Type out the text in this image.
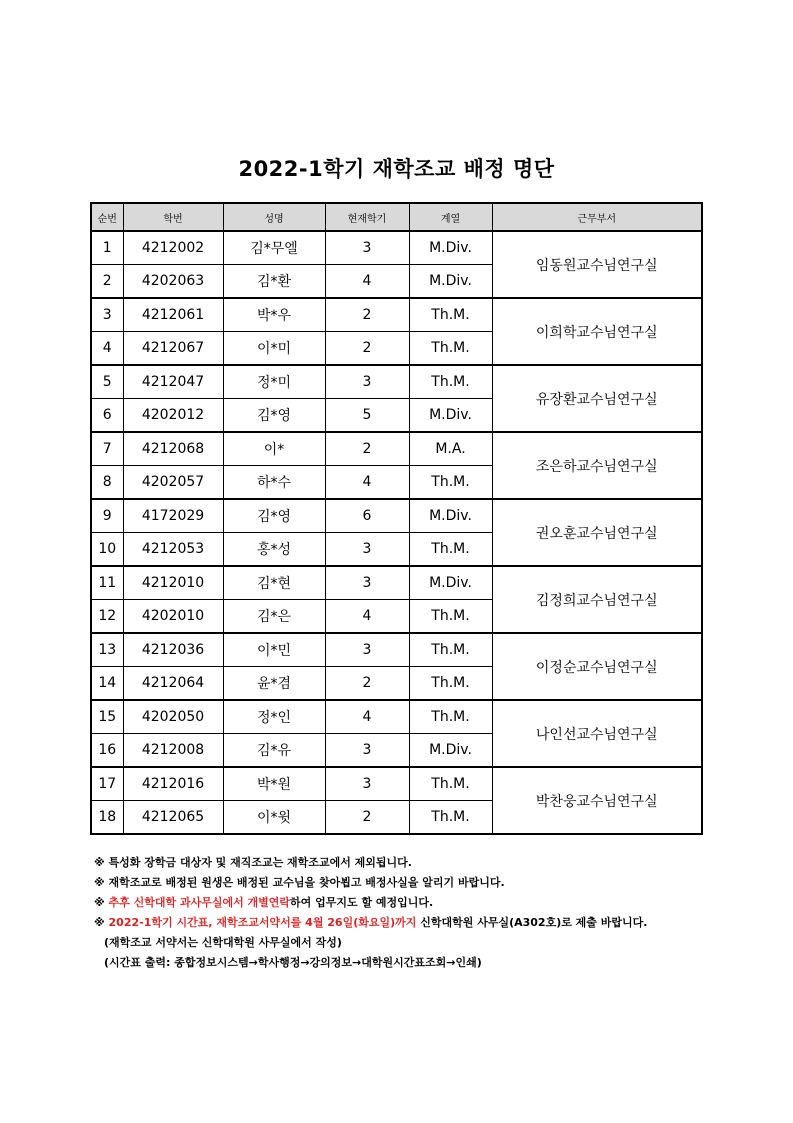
2022-1학기 재학조교 배정 명단
순번	학번	성명	현재학기	계열	근무부서
1	4212002	김*무엘	3	M.Div.	임동원교수님연구실
2	4202063	김*환	4	M.Div.	
3	4212061	박*우	2	Th.M.	이희학교수님연구실
4	4212067	이*미	2	Th.M.	
5	4212047	정*미	3	Th.M.	유장환교수님연구실
6	4202012	김*영	5	M.Div.	
7	4212068	이*	2	M.A.	조은하교수님연구실
8	4202057	하*수	4	Th.M.	
9	4172029	김*영	6	M.Div.	권오훈교수님연구실
10	4212053	홍*성	3	Th.M.	
11	4212010	김*현	3	M.Div.	김정희교수님연구실
12	4202010	김*은	4	Th.M.	
13	4212036	이*민	3	Th.M.	이정순교수님연구실
14	4212064	윤*겸	2	Th.M.	
15	4202050	정*인	4	Th.M.	나인선교수님연구실
16	4212008	김*유	3	M.Div.	
17	4212016	박*원	3	Th.M.	박찬웅교수님연구실
18	4212065	이*윗	2	Th.M.	
※ 특성화 장학금 대상자 및 재직조교는 재학조교에서 제외됩니다.
※ 재학조교로 배정된 원생은 배정된 교수님을 찾아뵙고 배정사실을 알리기 바랍니다.
※ 추후 신학대학 과사무실에서 개별연락하여 업무지도 할 예정입니다.
※ 2022-1학기 시간표, 재학조교서약서를 4월 26일(화요일)까지 신학대학원 사무실(A302호)로 제출 바랍니다.
(재학조교 서약서는 신학대학원 사무실에서 작성)
(시간표 출력: 종합정보시스템→학사행정→강의정보→대학원시간표조회→인쇄)
